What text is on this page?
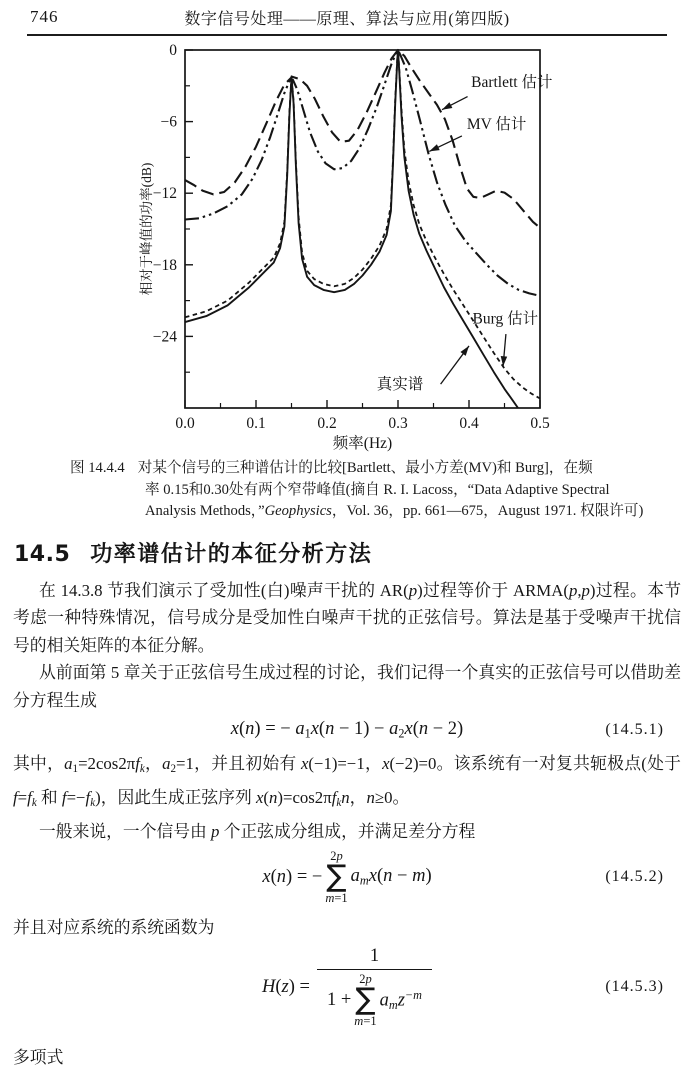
746	数字信号处理——原理、算法与应用(第四版)
0.0	0.1	0.2	0.3	0.4	0.5
0
−6
−12
−18
−24
频率(Hz)
相对于峰值的功率(dB)
Bartlett 估计
MV 估计
Burg 估计
真实谱
图 14.4.4 对某个信号的三种谱估计的比较[Bartlett、最小方差(MV)和 Burg]，在频
率 0.15和0.30处有两个窄带峰值(摘自 R. I. Lacoss，“Data Adaptive Spectral
Analysis Methods，”Geophysics，Vol. 36，pp. 661—675，August 1971. 权限许可)
14.5 功率谱估计的本征分析方法

在 14.3.8 节我们演示了受加性(白)噪声干扰的 AR(p)过程等价于 ARMA(p,p)过程。本节考虑一种特殊情况，信号成分是受加性白噪声干扰的正弦信号。算法是基于受噪声干扰信号的相关矩阵的本征分解。

从前面第 5 章关于正弦信号生成过程的讨论，我们记得一个真实的正弦信号可以借助差分方程生成

x(n) = − $a_1x(n - 1) - a_2x(n - 2)$	(14.5.1)

其中，$a_1=2\cos 2\pi f_k$，$a_2=1$，并且初始有 x(−1)=−1，x(−2)=0。该系统有一对复共轭极点(处于 $f=f_k$ 和 $f=-f_k$)，因此生成正弦序列 $x(n)=\cos 2\pi f_kn$，n≥0。

一般来说，一个信号由 p 个正弦成分组成，并满足差分方程

x(n) = −
2p
∑
m=1
$a_mx(n - m)$	(14.5.2)

并且对应系统的系统函数为

H(z) =
1
1 +
2p
∑
m=1
$a_mz^{-m}$	(14.5.3)

多项式
